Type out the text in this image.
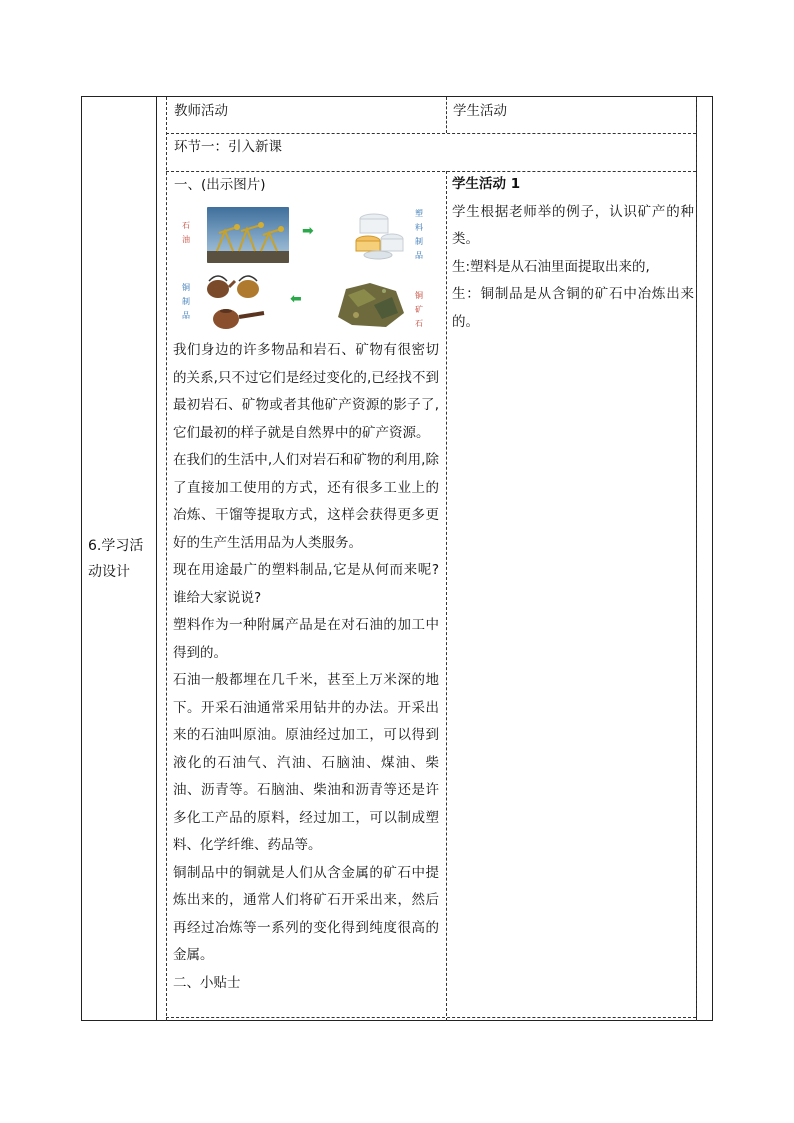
6.学习活动设计
教师活动	学生活动
环节一：引入新课
一、(出示图片)
石油
➡
塑料制品
铜制品
⬅	铜矿石
我们身边的许多物品和岩石、矿物有很密切的关系,只不过它们是经过变化的,已经找不到最初岩石、矿物或者其他矿产资源的影子了,它们最初的样子就是自然界中的矿产资源。
在我们的生活中,人们对岩石和矿物的利用,除了直接加工使用的方式，还有很多工业上的冶炼、干馏等提取方式，这样会获得更多更好的生产生活用品为人类服务。
现在用途最广的塑料制品,它是从何而来呢?谁给大家说说?
塑料作为一种附属产品是在对石油的加工中得到的。
石油一般都埋在几千米，甚至上万米深的地下。开采石油通常采用钻井的办法。开采出来的石油叫原油。原油经过加工，可以得到液化的石油气、汽油、石脑油、煤油、柴油、沥青等。石脑油、柴油和沥青等还是许多化工产品的原料，经过加工，可以制成塑料、化学纤维、药品等。
铜制品中的铜就是人们从含金属的矿石中提炼出来的，通常人们将矿石开采出来，然后再经过冶炼等一系列的变化得到纯度很高的金属。
二、小贴士
学生活动 1
学生根据老师举的例子，认识矿产的种类。
生:塑料是从石油里面提取出来的,
生：铜制品是从含铜的矿石中冶炼出来的。
